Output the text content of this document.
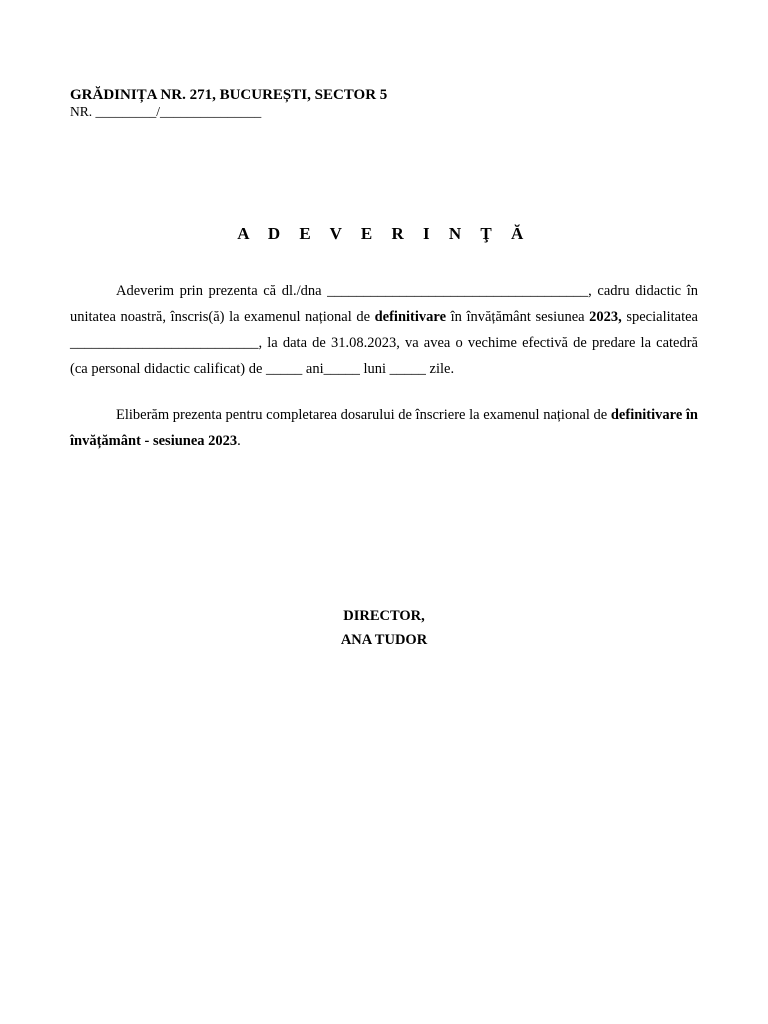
GRĂDINIȚA NR. 271, BUCUREȘTI, SECTOR 5
NR. _________/_______________
A D E V E R I N Ţ Ă

Adeverim prin prezenta că dl./dna ____________________________________, cadru didactic în unitatea noastră, înscris(ă) la examenul național de definitivare în învățământ sesiunea 2023, specialitatea __________________________, la data de 31.08.2023, va avea o vechime efectivă de predare la catedră (ca personal didactic calificat) de _____ ani_____ luni _____ zile.

Eliberăm prezenta pentru completarea dosarului de înscriere la examenul național de definitivare în învățământ - sesiunea 2023.

DIRECTOR,
ANA TUDOR
